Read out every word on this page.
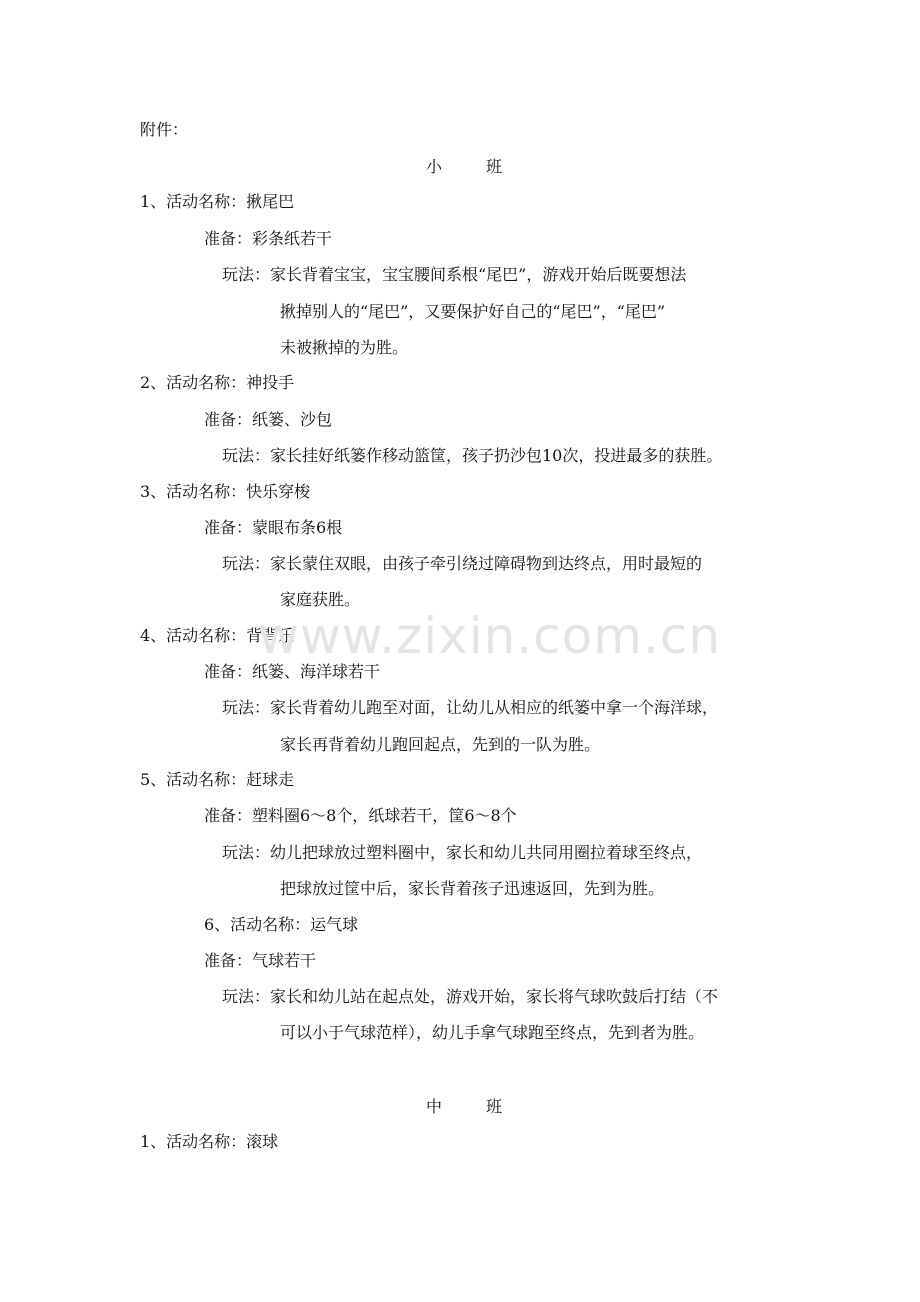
附件：
小	班
1、活动名称：揪尾巴
准备：彩条纸若干
玩法：家长背着宝宝，宝宝腰间系根“尾巴”，游戏开始后既要想法
揪掉别人的“尾巴”，又要保护好自己的“尾巴”，“尾巴”
未被揪掉的为胜。
2、活动名称：神投手
准备：纸篓、沙包
玩法：家长挂好纸篓作移动篮筐，孩子扔沙包10次，投进最多的获胜。
3、活动名称：快乐穿梭
准备：蒙眼布条6根
玩法：家长蒙住双眼，由孩子牵引绕过障碍物到达终点，用时最短的
家庭获胜。
4、活动名称：背背乐
准备：纸篓、海洋球若干
玩法：家长背着幼儿跑至对面，让幼儿从相应的纸篓中拿一个海洋球，
家长再背着幼儿跑回起点，先到的一队为胜。
5、活动名称：赶球走
准备：塑料圈6～8个，纸球若干，筐6～8个
玩法：幼儿把球放过塑料圈中，家长和幼儿共同用圈拉着球至终点，
把球放过筐中后，家长背着孩子迅速返回，先到为胜。
6、活动名称：运气球
准备：气球若干
玩法：家长和幼儿站在起点处，游戏开始，家长将气球吹鼓后打结（不
可以小于气球范样），幼儿手拿气球跑至终点，先到者为胜。
中	班
1、活动名称：滚球
www.zixin.com.cn
